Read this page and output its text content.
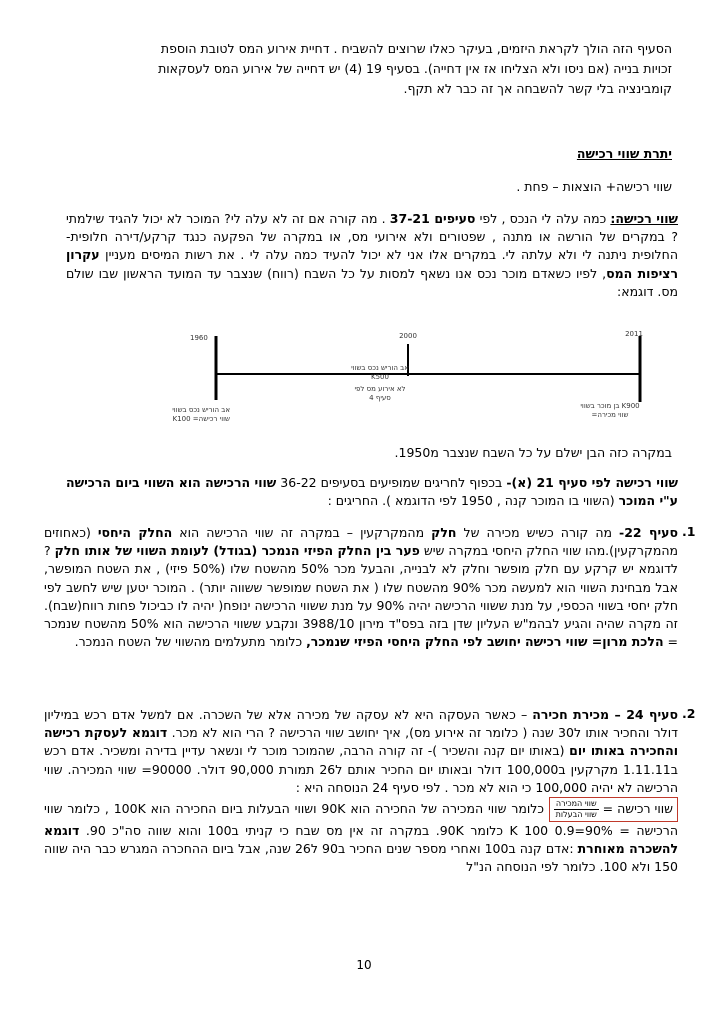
הסעיף הזה הולך לקראת היזמים, בעיקר כאלו שרוצים להשביח . דחיית אירוע המס לטובת הוספת

זכויות בנייה (אם ניסו ולא הצליחו אז אין דחייה). בסעיף 19 (4) יש דחייה של אירוע המס לעסקאות

קומבינציה בלי קשר להשבחה אך זה כבר לא תקף.

יתרת שווי רכישה

שווי רכישה+ הוצאות – פחת .

שווי רכישה: כמה עלה לי הנכס , לפי סעיפים 37-21 . מה קורה אם זה לא עלה לי? המוכר לא יכול להגיד שילמתי ? במקרים של הורשה או מתנה , שפטורים ולא אירועי מס, או במקרה של הפקעה כנגד קרקע/דירה חלופית- החלופית ניתנה לי ולא עלתה לי. במקרים אלו אני לא יכול להעיד כמה עלה לי . את רשות המיסים מעניין עקרון רציפות המס, לפיו כשאדם מוכר נכס אנו נשאף למסות על כל השבח (רווח) שנצבר עד המועד הראשון שבו שולם מס. דוגמא:

1960	2000	2011
אב הוריש נכס בשווי
K100 =שווי רכישה
אב הוריש נכס בשווי
K500
לא אירוע מס לפי
סעיף 4
בן מוכר בשווי K900
=שווי מכירה

במקרה כזה הבן ישלם על כל השבח שנצבר מ1950.

שווי רכישה לפי סעיף 21 (א)- בכפוף לחריגים שמופיעים בסעיפים 36-22 שווי הרכישה הוא השווי ביום הרכישה ע"י המוכר (השווי בו המוכר קנה , 1950 לפי הדוגמא ). החריגים :

.1

סעיף 22- מה קורה כשיש מכירה של חלק מהמקרקעין – במקרה זה שווי הרכישה הוא החלק היחסי (כאחוזים מהמקרקעין).מהו שווי החלק היחסי במקרה שיש פער בין החלק הפיזי הנמכר (בגודל) לעומת השווי של אותו חלק ? לדוגמא יש קרקע עם חלק מופשר וחלק לא לבנייה, והבעל מכר 50% מהשטח שלו (50% פיזי) , את השטח המופשר, אבל מבחינת השווי הוא למעשה מכר 90% מהשטח שלו ( את השטח שמופשר ששווה יותר) . המוכר יטען שיש לחשב לפי חלק יחסי בשווי הכספי, על מנת ששווי הרכישה יהיה 90% על מנת ששווי הרכישה ינופח( יהיה לו כביכול פחות רווח(שבח). זה מקרה שהיה והגיע לבהמ"ש העליון שדן בזה בפס"ד מירון 3988/10 ונקבע ששווי הרכישה הוא 50% מהשטח שנמכר = הלכת מרון= שווי רכישה יחושב לפי החלק היחסי הפיזי שנמכר, כלומר מתעלמים מהשווי של השטח הנמכר.

.2

סעיף 24 – מכירת חכירה – כאשר העסקה היא לא עסקה של מכירה אלא של השכרה. אם למשל אדם רכש במיליון דולר והחכיר אותו ל30 שנה ( כלומר זה אירוע מס), איך יחושב שווי הרכישה ? הרי הוא לא מכר. דוגמא לעסקת רכישה והחכירה באותו יום (באותו יום קנה והשכיר )- זה קורה הרבה, שהמוכר מוכר לי ונשאר עדיין בדירה ומשכיר. אדם רכש ב1.11.11 מקרקעין ב100,000 דולר ובאותו יום החכיר אותם ל26 תמורת 90,000 דולר. 90000= שווי המכירה. שווי הרכישה לא יהיה 100,000 כי הוא לא מכר . לפי סעיף 24 הנוסחה היא :
שווי רכישה =
$\frac{\text{שווי המכירה}}{\text{שווי הבעלות}}$
כלומר שווי המכירה של החכירה הוא 90K ושווי הבעלות ביום החכירה הוא 100K , כלומר שווי הרכישה = 90%=0.9 100 K כלומר 90K. במקרה זה אין מס שבח כי קניתי ב100 והוא שווה סה"כ 90. דוגמא להשכרה מאוחרת :אדם קנה ב100 ואחרי מספר שנים החכיר ב90 ל26 שנה, אבל ביום ההחכרה המגרש כבר היה שווה 150 ולא 100. כלומר לפי הנוסחה הנ"ל

10
